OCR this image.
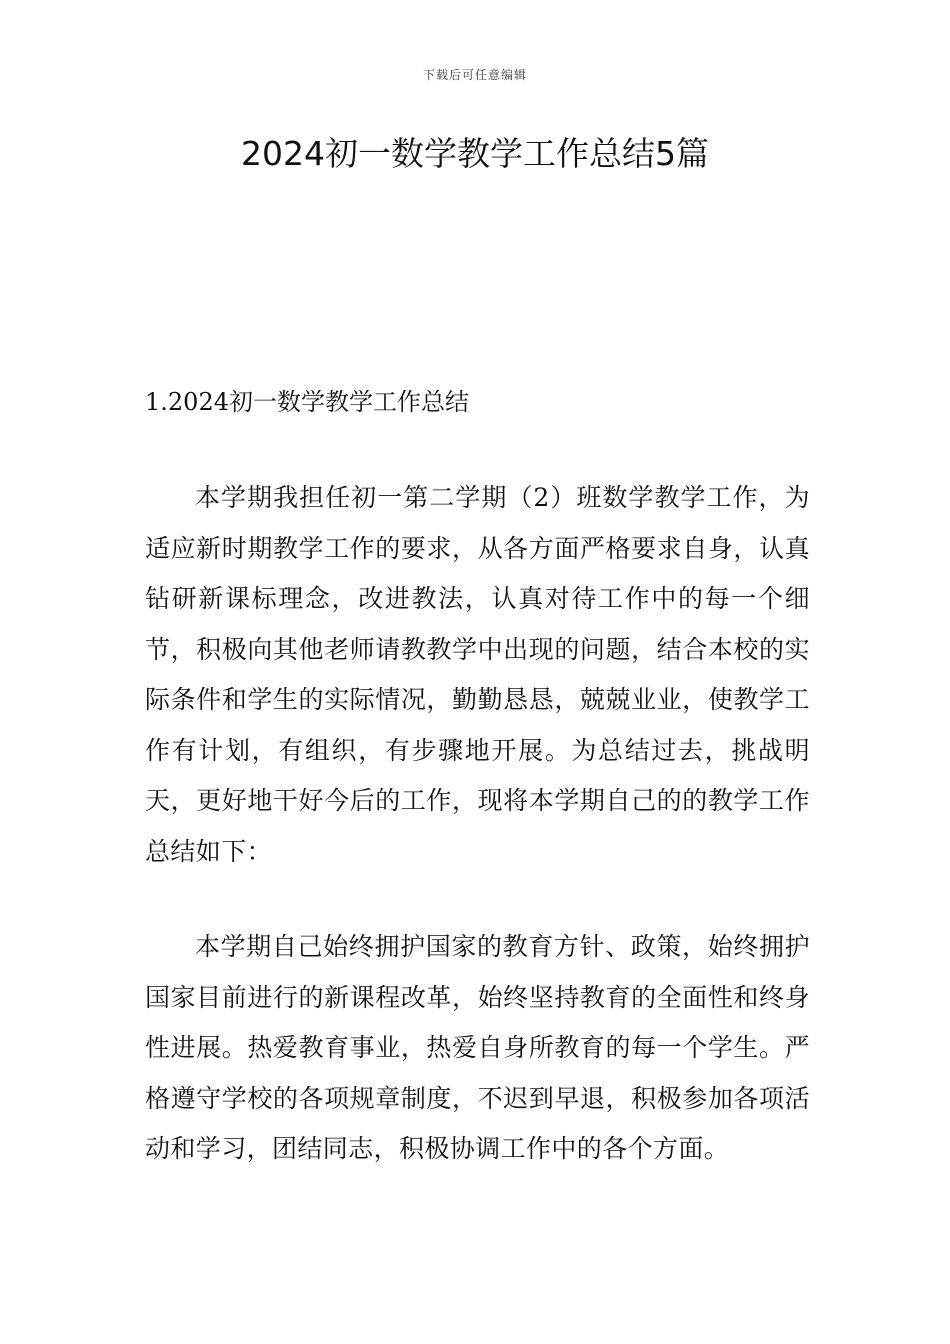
下载后可任意编辑
2024初一数学教学工作总结5篇
1.2024初一数学教学工作总结

本学期我担任初一第二学期（2）班数学教学工作，为适应新时期教学工作的要求，从各方面严格要求自身，认真钻研新课标理念，改进教法，认真对待工作中的每一个细节，积极向其他老师请教教学中出现的问题，结合本校的实际条件和学生的实际情况，勤勤恳恳，兢兢业业，使教学工作有计划，有组织，有步骤地开展。为总结过去，挑战明天，更好地干好今后的工作，现将本学期自己的的教学工作总结如下：

本学期自己始终拥护国家的教育方针、政策，始终拥护国家目前进行的新课程改革，始终坚持教育的全面性和终身性进展。热爱教育事业，热爱自身所教育的每一个学生。严格遵守学校的各项规章制度，不迟到早退，积极参加各项活动和学习，团结同志，积极协调工作中的各个方面。
